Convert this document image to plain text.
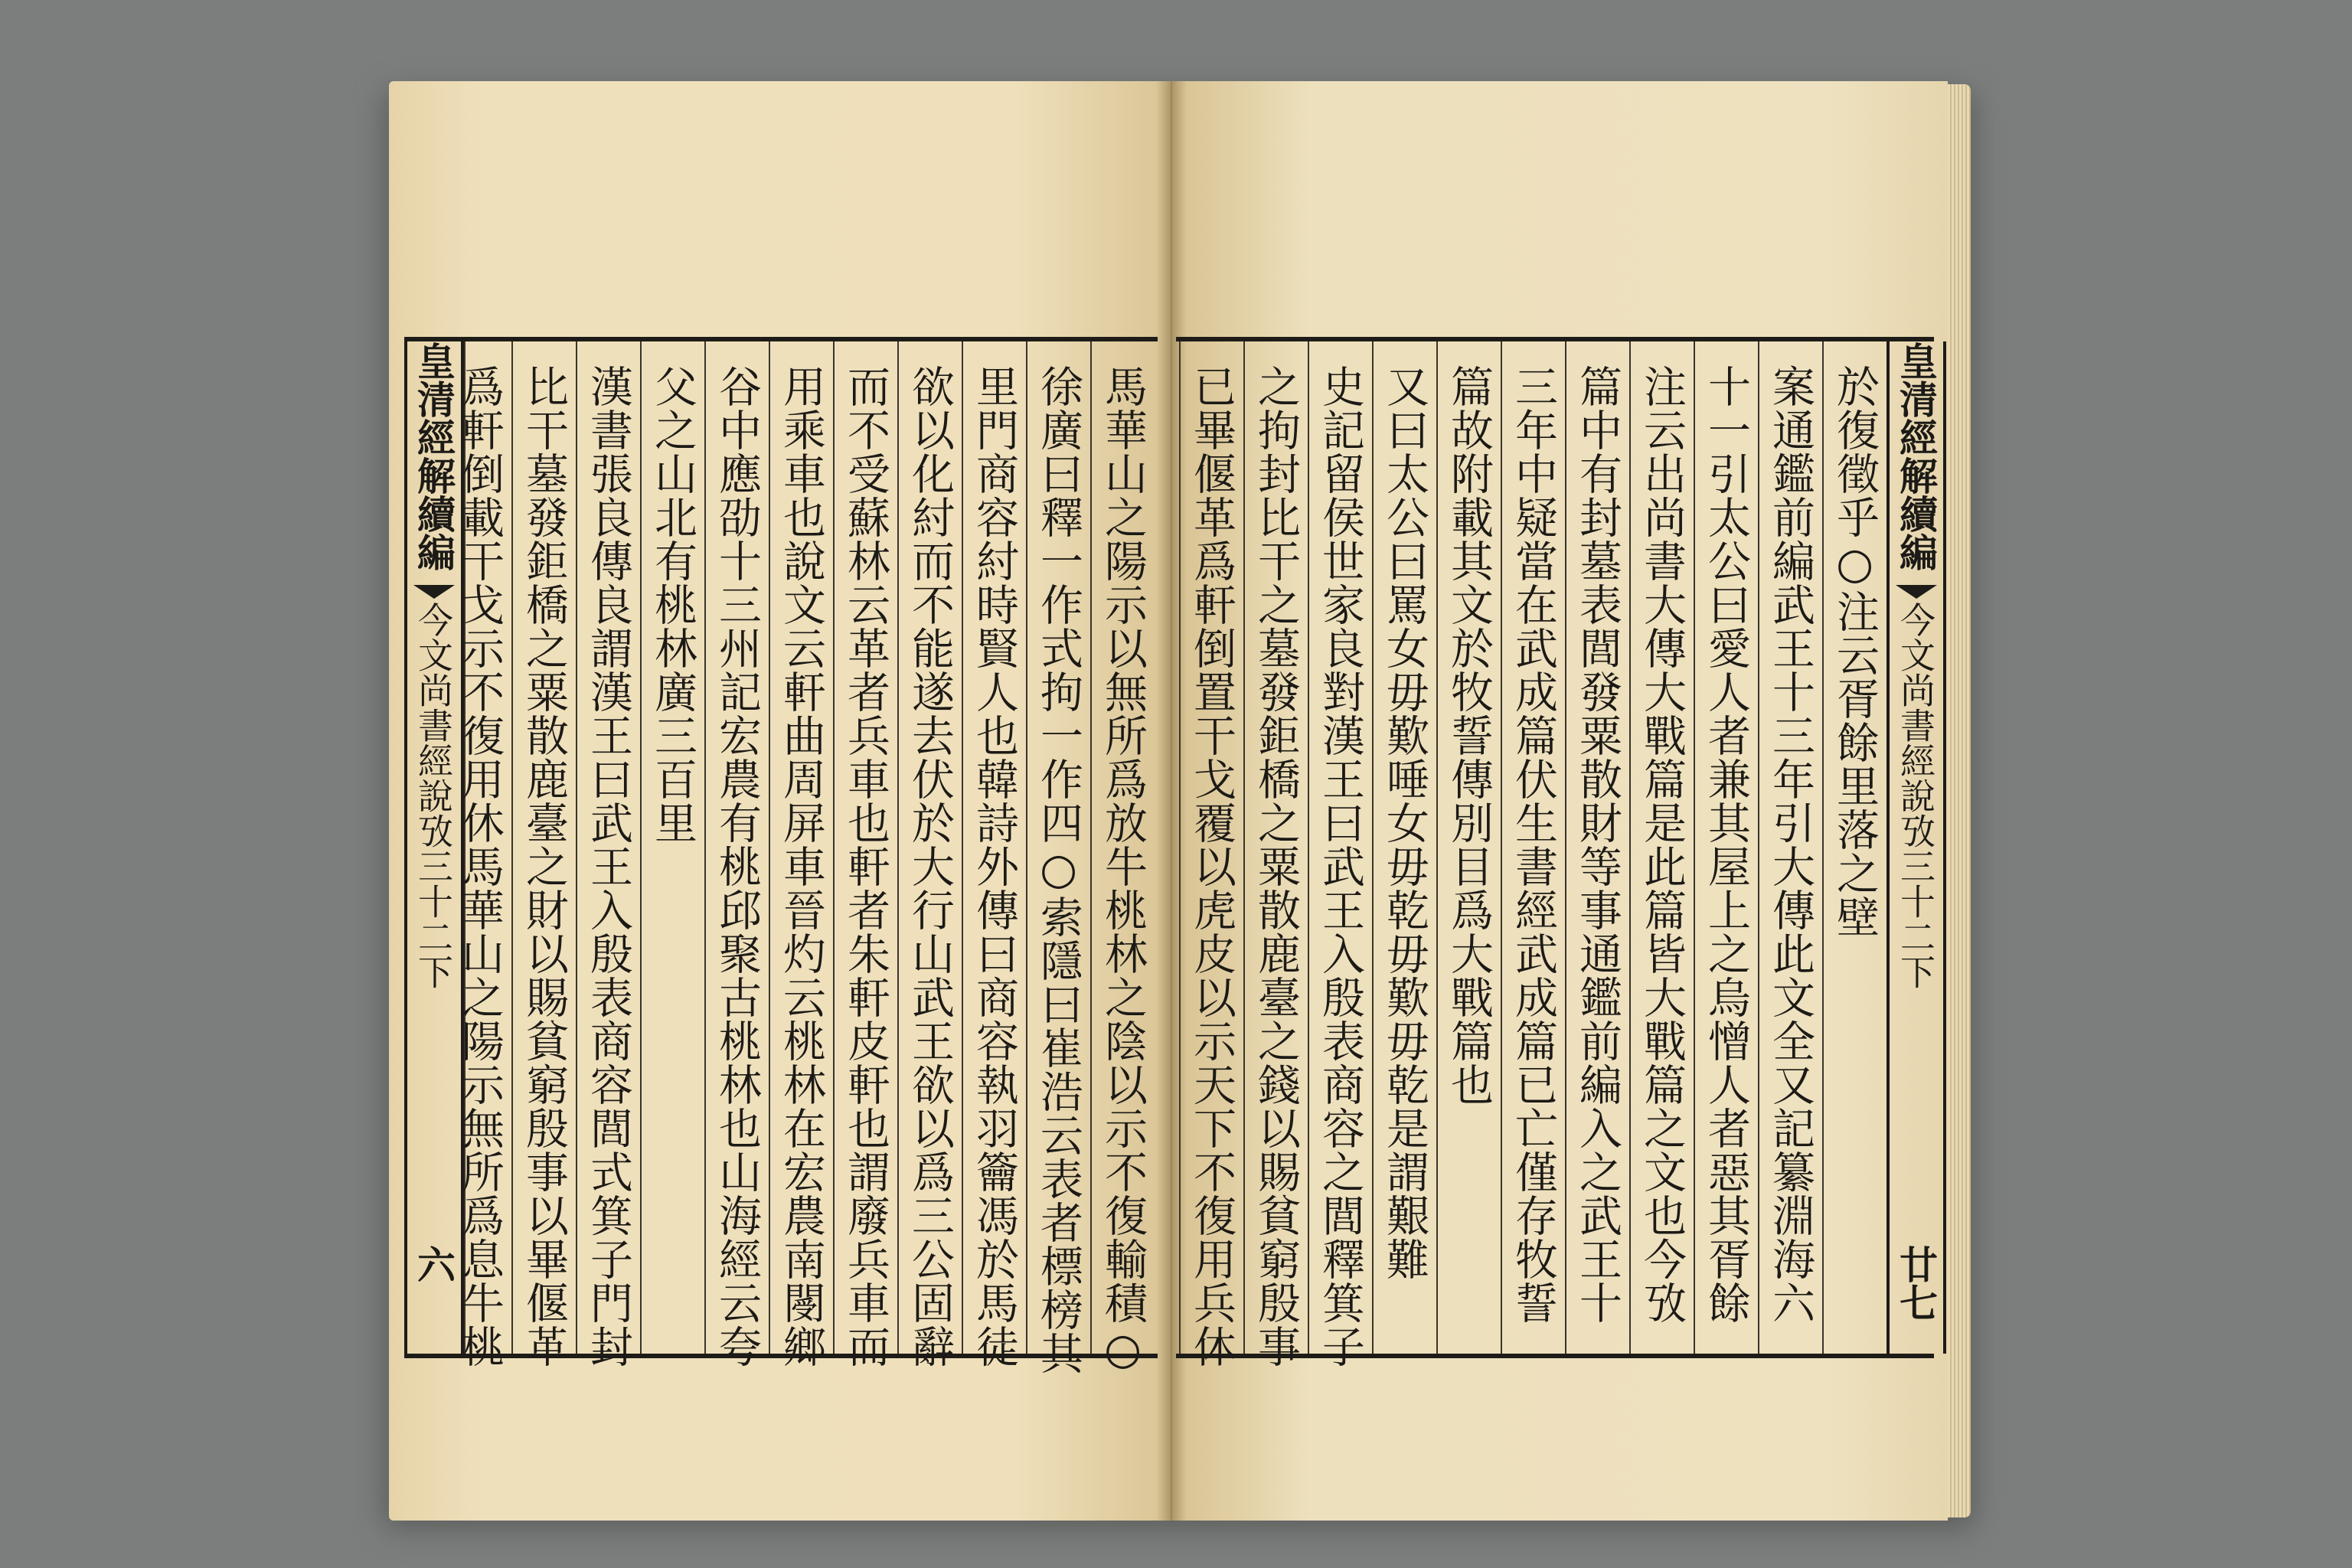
皇清經解續編
今文尚書經說攷三十二下
六	馬華山之陽示以無所爲放牛桃林之陰以示不復輸積○
徐廣曰釋一作式拘一作四○索隱曰崔浩云表者標榜其
里門商容紂時賢人也韓詩外傳曰商容執羽籥馮於馬徒
欲以化紂而不能遂去伏於大行山武王欲以爲三公固辭
而不受蘇林云革者兵車也軒者朱軒皮軒也謂廢兵車而
用乘車也說文云軒曲周屏車晉灼云桃林在宏農南閿鄉
谷中應劭十三州記宏農有桃邱聚古桃林也山海經云夸
父之山北有桃林廣三百里
漢書張良傳良謂漢王曰武王入殷表商容閭式箕子門封
比干墓發鉅橋之粟散鹿臺之財以賜貧窮殷事以畢偃革
爲軒倒載干戈示不復用休馬華山之陽示無所爲息牛桃	於復徵乎○注云胥餘里落之壁
案通鑑前編武王十三年引大傳此文全又記纂淵海六
十一引太公曰愛人者兼其屋上之烏憎人者惡其胥餘
注云出尚書大傳大戰篇是此篇皆大戰篇之文也今攷
篇中有封墓表閭發粟散財等事通鑑前編入之武王十
三年中疑當在武成篇伏生書經武成篇已亡僅存牧誓
篇故附載其文於牧誓傳別目爲大戰篇也
又曰太公曰罵女毋歎唾女毋乾毋歎毋乾是謂艱難
史記留侯世家良對漢王曰武王入殷表商容之閭釋箕子
之拘封比干之墓發鉅橋之粟散鹿臺之錢以賜貧窮殷事
已畢偃革爲軒倒置干戈覆以虎皮以示天下不復用兵休	皇清經解續編
今文尚書經說攷三十二下
廿七
